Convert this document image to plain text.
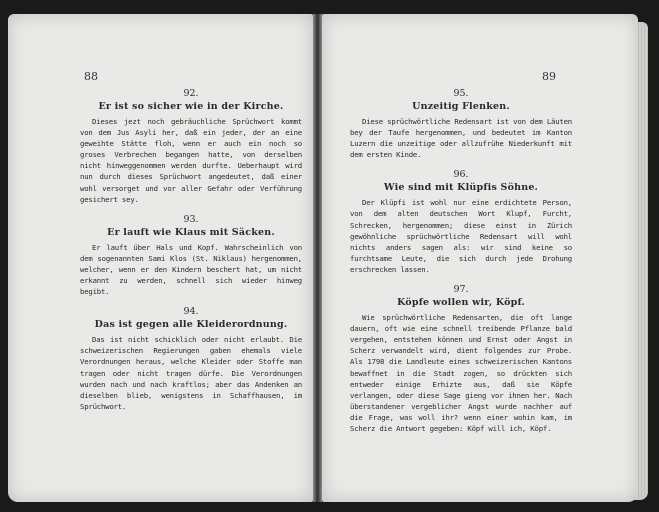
88

92.

Er ist so sicher wie in der Kirche.

Dieses jezt noch gebräuchliche Sprüchwort kommt von dem Jus Asyli her, daß ein jeder, der an eine geweihte Stätte floh, wenn er auch ein noch so groses Verbrechen begangen hatte, von derselben nicht hinweggenommen werden durfte. Ueberhaupt wird nun durch dieses Sprüchwort angedeutet, daß einer wohl versorget und vor aller Gefahr oder Verführung gesichert sey.

93.

Er lauft wie Klaus mit Säcken.

Er lauft über Hals und Kopf. Wahrscheinlich von dem sogenannten Sami Klos (St. Niklaus) hergenommen, welcher, wenn er den Kindern beschert hat, um nicht erkannt zu werden, schnell sich wieder hinweg begibt.

94.

Das ist gegen alle Kleiderordnung.

Das ist nicht schicklich oder nicht erlaubt. Die schweizerischen Regierungen gaben ehemals viele Verordnungen heraus, welche Kleider oder Stoffe man tragen oder nicht tragen dürfe. Die Verordnungen wurden nach und nach kraftlos; aber das Andenken an dieselben blieb, wenigstens in Schaffhausen, im Sprüchwort.

89

95.

Unzeitig Flenken.

Diese sprüchwörtliche Redensart ist von dem Läuten bey der Taufe hergenommen, und bedeutet im Kanton Luzern die unzeitige oder allzufrühe Niederkunft mit dem ersten Kinde.

96.

Wie sind mit Klüpfis Söhne.

Der Klüpfi ist wohl nur eine erdichtete Person, von dem alten deutschen Wort Klupf, Furcht, Schrecken, hergenommen; diese einst in Zürich gewöhnliche sprüchwörtliche Redensart will wohl nichts anders sagen als: wir sind keine so furchtsame Leute, die sich durch jede Drohung erschrecken lassen.

97.

Köpfe wollen wir, Köpf.

Wie sprüchwörtliche Redensarten, die oft lange dauern, oft wie eine schnell treibende Pflanze bald vergehen, entstehen können und Ernst oder Angst in Scherz verwandelt wird, dient folgendes zur Probe. Als 1798 die Landleute eines schweizerischen Kantons bewaffnet in die Stadt zogen, so drückten sich entweder einige Erhizte aus, daß sie Köpfe verlangen, oder diese Sage gieng vor ihnen her. Nach überstandener vergeblicher Angst wurde nachher auf die Frage, was woll ihr? wenn einer wohin kam, im Scherz die Antwort gegeben: Köpf will ich, Köpf.
